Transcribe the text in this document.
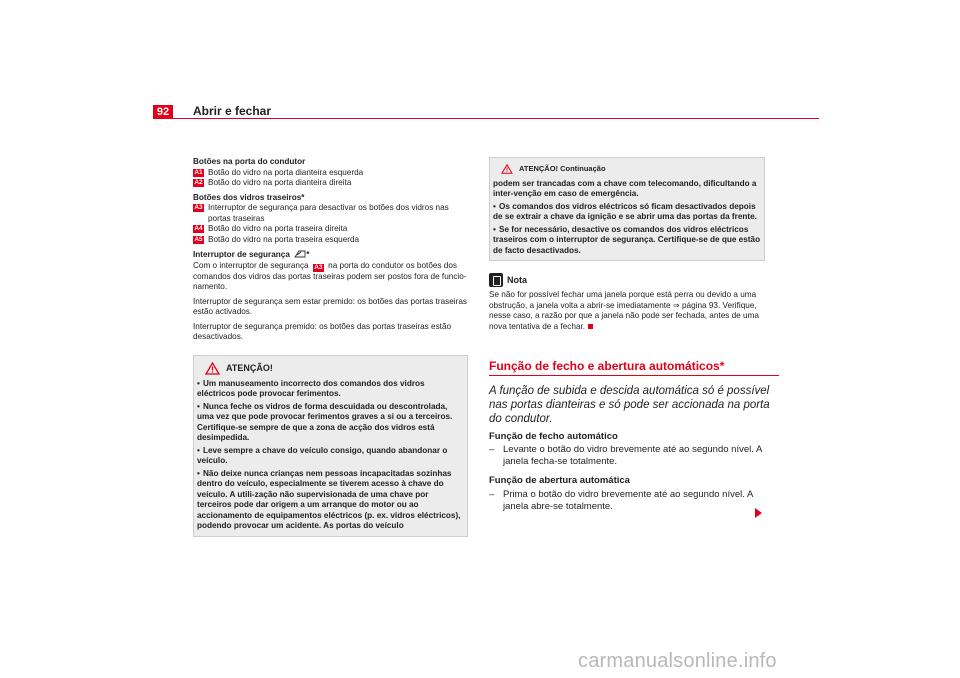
92	Abrir e fechar
Botões na porta do condutor
A1 Botão do vidro na porta dianteira esquerda
A2 Botão do vidro na porta dianteira direita
Botões dos vidros traseiros*
A3 Interruptor de segurança para desactivar os botões dos vidros nas portas traseiras
A4 Botão do vidro na porta traseira direita
A5 Botão do vidro na porta traseira esquerda
Interruptor de segurança *
Com o interruptor de segurança A3 na porta do condutor os botões dos comandos dos vidros das portas traseiras podem ser postos fora de funcio-namento.
Interruptor de segurança sem estar premido: os botões das portas traseiras estão activados.
Interruptor de segurança premido: os botões das portas traseiras estão desactivados.
ATENÇÃO!
• Um manuseamento incorrecto dos comandos dos vidros eléctricos pode provocar ferimentos.
• Nunca feche os vidros de forma descuidada ou descontrolada, uma vez que pode provocar ferimentos graves a si ou a terceiros. Certifique-se sempre de que a zona de acção dos vidros está desimpedida.
• Leve sempre a chave do veículo consigo, quando abandonar o veículo.
• Não deixe nunca crianças nem pessoas incapacitadas sozinhas dentro do veículo, especialmente se tiverem acesso à chave do veículo. A utili-zação não supervisionada de uma chave por terceiros pode dar origem a um arranque do motor ou ao accionamento de equipamentos eléctricos (p. ex. vidros eléctricos), podendo provocar um acidente. As portas do veículo
ATENÇÃO! Continuação
podem ser trancadas com a chave com telecomando, dificultando a inter-venção em caso de emergência.
• Os comandos dos vidros eléctricos só ficam desactivados depois de se extrair a chave da ignição e se abrir uma das portas da frente.
• Se for necessário, desactive os comandos dos vidros eléctricos traseiros com o interruptor de segurança. Certifique-se de que estão de facto desactivados.
Nota
Se não for possível fechar uma janela porque está perra ou devido a uma obstrução, a janela volta a abrir-se imediatamente ⇒ página 93. Verifique, nesse caso, a razão por que a janela não pode ser fechada, antes de uma nova tentativa de a fechar.
Função de fecho e abertura automáticos*
A função de subida e descida automática só é possível nas portas dianteiras e só pode ser accionada na porta do condutor.
Função de fecho automático
– Levante o botão do vidro brevemente até ao segundo nível. A janela fecha-se totalmente.
Função de abertura automática
– Prima o botão do vidro brevemente até ao segundo nível. A janela abre-se totalmente.
carmanualsonline.info
